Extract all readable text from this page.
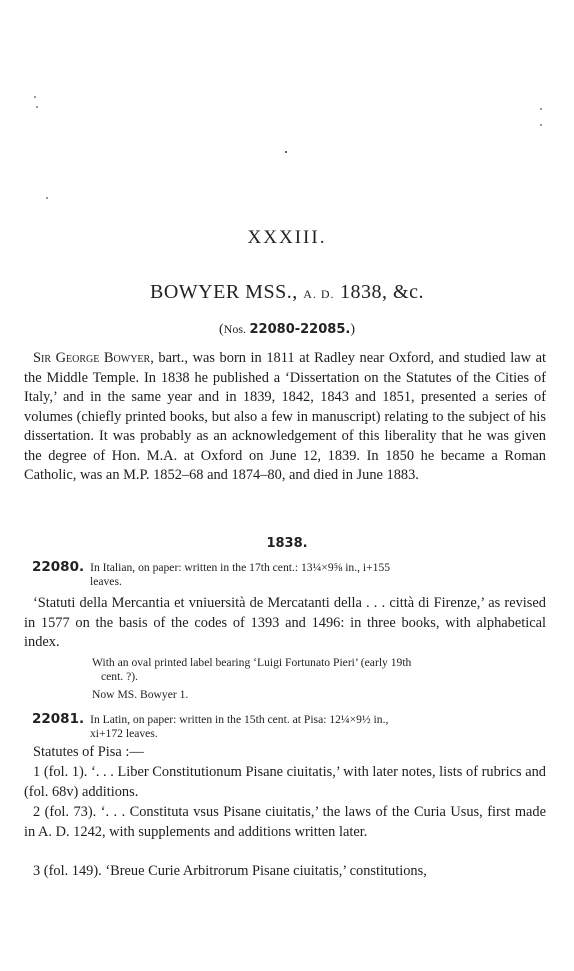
XXXIII.
BOWYER MSS., A. D. 1838, &c.
(Nos. 22080-22085.)
Sir George Bowyer, bart., was born in 1811 at Radley near Oxford, and studied law at the Middle Temple. In 1838 he published a ‘Dissertation on the Statutes of the Cities of Italy,’ and in the same year and in 1839, 1842, 1843 and 1851, presented a series of volumes (chiefly printed books, but also a few in manuscript) relating to the subject of his dissertation. It was probably as an acknowledgement of this liberality that he was given the degree of Hon. M.A. at Oxford on June 12, 1839. In 1850 he became a Roman Catholic, was an M.P. 1852–68 and 1874–80, and died in June 1883.
1838.
22080. In Italian, on paper: written in the 17th cent.: 13¼×9⅝ in., i+155
leaves.
‘Statuti della Mercantia et vniuersità de Mercatanti della . . . città di Firenze,’ as revised in 1577 on the basis of the codes of 1393 and 1496: in three books, with alphabetical index.
With an oval printed label bearing ‘Luigi Fortunato Pieri’ (early 19th
cent. ?).
Now MS. Bowyer 1.
22081. In Latin, on paper: written in the 15th cent. at Pisa: 12¼×9½ in.,
xi+172 leaves.
Statutes of Pisa :—
1 (fol. 1). ‘. . . Liber Constitutionum Pisane ciuitatis,’ with later notes, lists of rubrics and (fol. 68v) additions.
2 (fol. 73). ‘. . . Constituta vsus Pisane ciuitatis,’ the laws of the Curia Usus, first made in A. D. 1242, with supplements and additions written later.
3 (fol. 149). ‘Breue Curie Arbitrorum Pisane ciuitatis,’ constitutions,
